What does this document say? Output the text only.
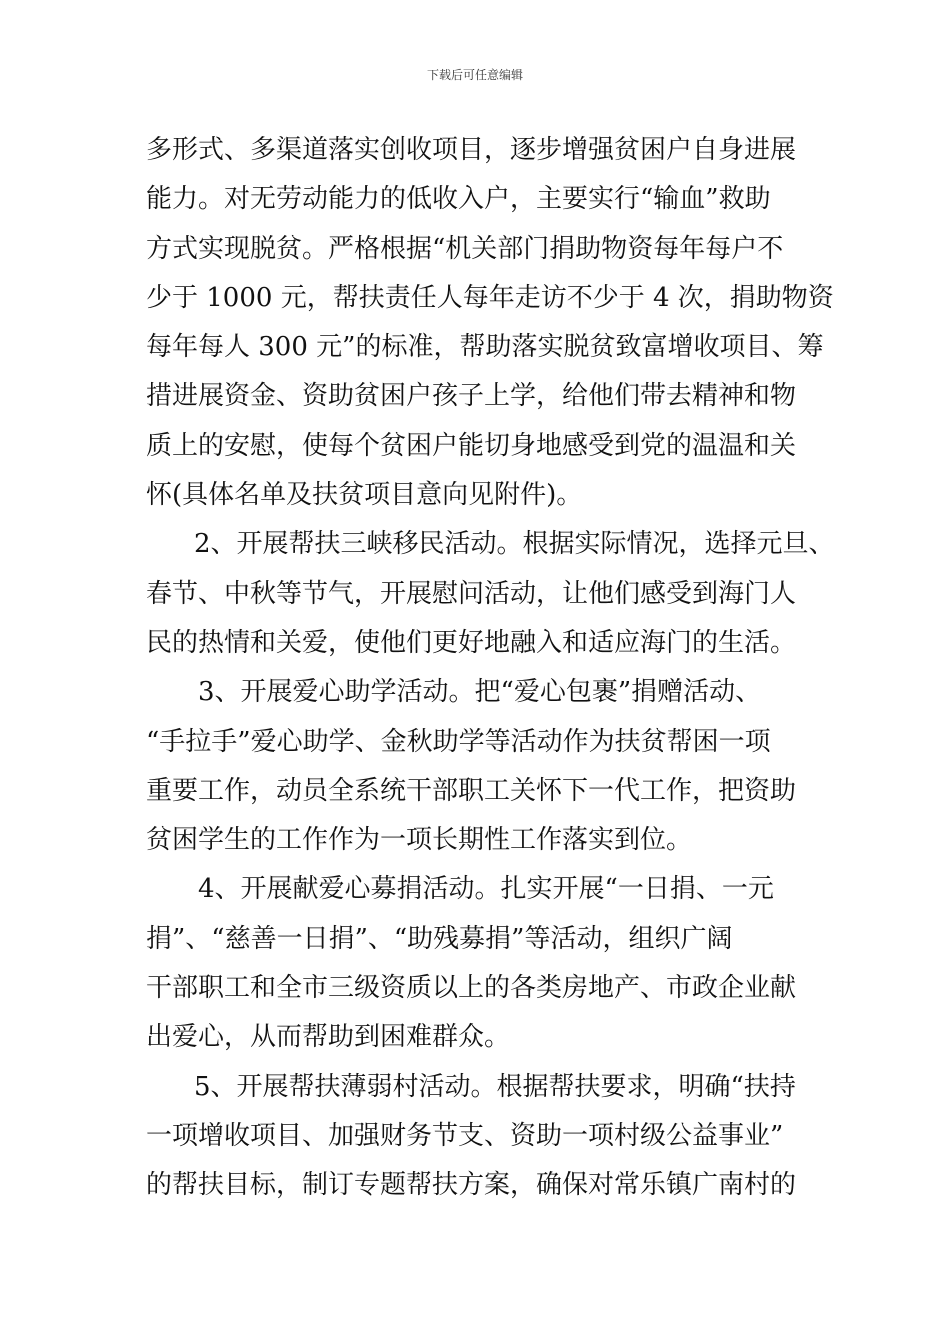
下载后可任意编辑
多形式、多渠道落实创收项目，逐步增强贫困户自身进展
能力。对无劳动能力的低收入户，主要实行“输血”救助
方式实现脱贫。严格根据“机关部门捐助物资每年每户不
少于 1000 元，帮扶责任人每年走访不少于 4 次，捐助物资
每年每人 300 元”的标准，帮助落实脱贫致富增收项目、筹
措进展资金、资助贫困户孩子上学，给他们带去精神和物
质上的安慰，使每个贫困户能切身地感受到党的温温和关
怀(具体名单及扶贫项目意向见附件)。
2、开展帮扶三峡移民活动。根据实际情况，选择元旦、
春节、中秋等节气，开展慰问活动，让他们感受到海门人
民的热情和关爱，使他们更好地融入和适应海门的生活。
3、开展爱心助学活动。把“爱心包裹”捐赠活动、
“手拉手”爱心助学、金秋助学等活动作为扶贫帮困一项
重要工作，动员全系统干部职工关怀下一代工作，把资助
贫困学生的工作作为一项长期性工作落实到位。
4、开展献爱心募捐活动。扎实开展“一日捐、一元
捐”、“慈善一日捐”、“助残募捐”等活动，组织广阔
干部职工和全市三级资质以上的各类房地产、市政企业献
出爱心，从而帮助到困难群众。
5、开展帮扶薄弱村活动。根据帮扶要求，明确“扶持
一项增收项目、加强财务节支、资助一项村级公益事业”
的帮扶目标，制订专题帮扶方案，确保对常乐镇广南村的
